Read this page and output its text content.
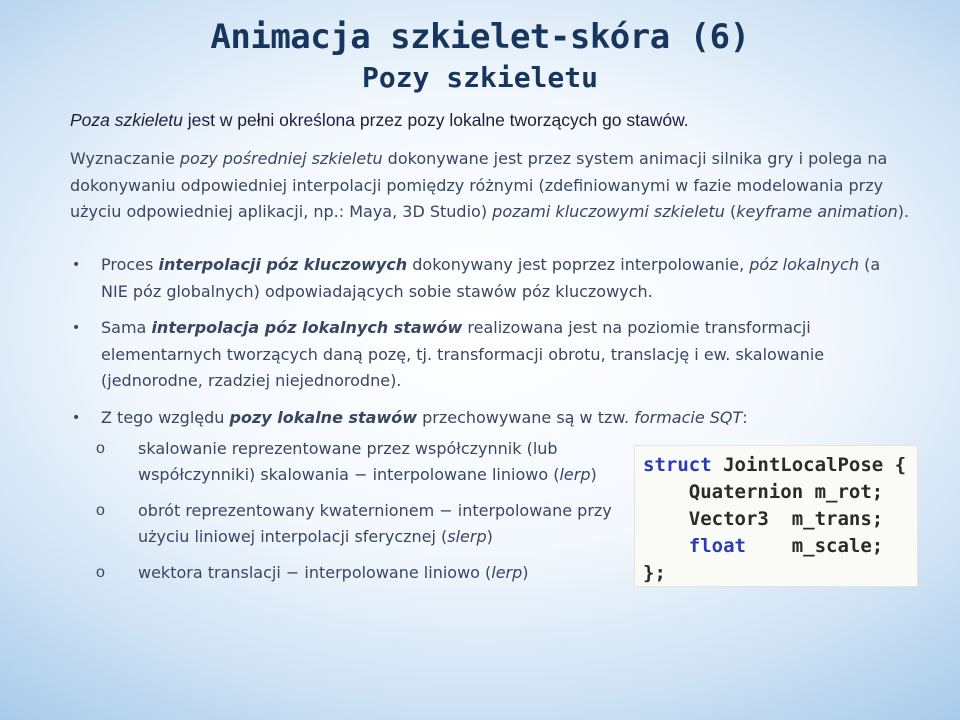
Animacja szkielet-skóra (6)
Pozy szkieletu
Poza szkieletu jest w pełni określona przez pozy lokalne tworzących go stawów.
Wyznaczanie pozy pośredniej szkieletu dokonywane jest przez system animacji silnika gry i polega na dokonywaniu odpowiedniej interpolacji pomiędzy różnymi (zdefiniowanymi w fazie modelowania przy użyciu odpowiedniej aplikacji, np.: Maya, 3D Studio) pozami kluczowymi szkieletu (keyframe animation).
• Proces interpolacji póz kluczowych dokonywany jest poprzez interpolowanie, póz lokalnych (a NIE póz globalnych) odpowiadających sobie stawów póz kluczowych.
• Sama interpolacja póz lokalnych stawów realizowana jest na poziomie transformacji elementarnych tworzących daną pozę, tj. transformacji obrotu, translację i ew. skalowanie (jednorodne, rzadziej niejednorodne).
• Z tego względu pozy lokalne stawów przechowywane są w tzw. formacie SQT:
o skalowanie reprezentowane przez współczynnik (lub współczynniki) skalowania − interpolowane liniowo (lerp)
o obrót reprezentowany kwaternionem − interpolowane przy użyciu liniowej interpolacji sferycznej (slerp)
o wektora translacji − interpolowane liniowo (lerp)
struct JointLocalPose {
Quaternion m_rot;
Vector3  m_trans;
float    m_scale;
};
